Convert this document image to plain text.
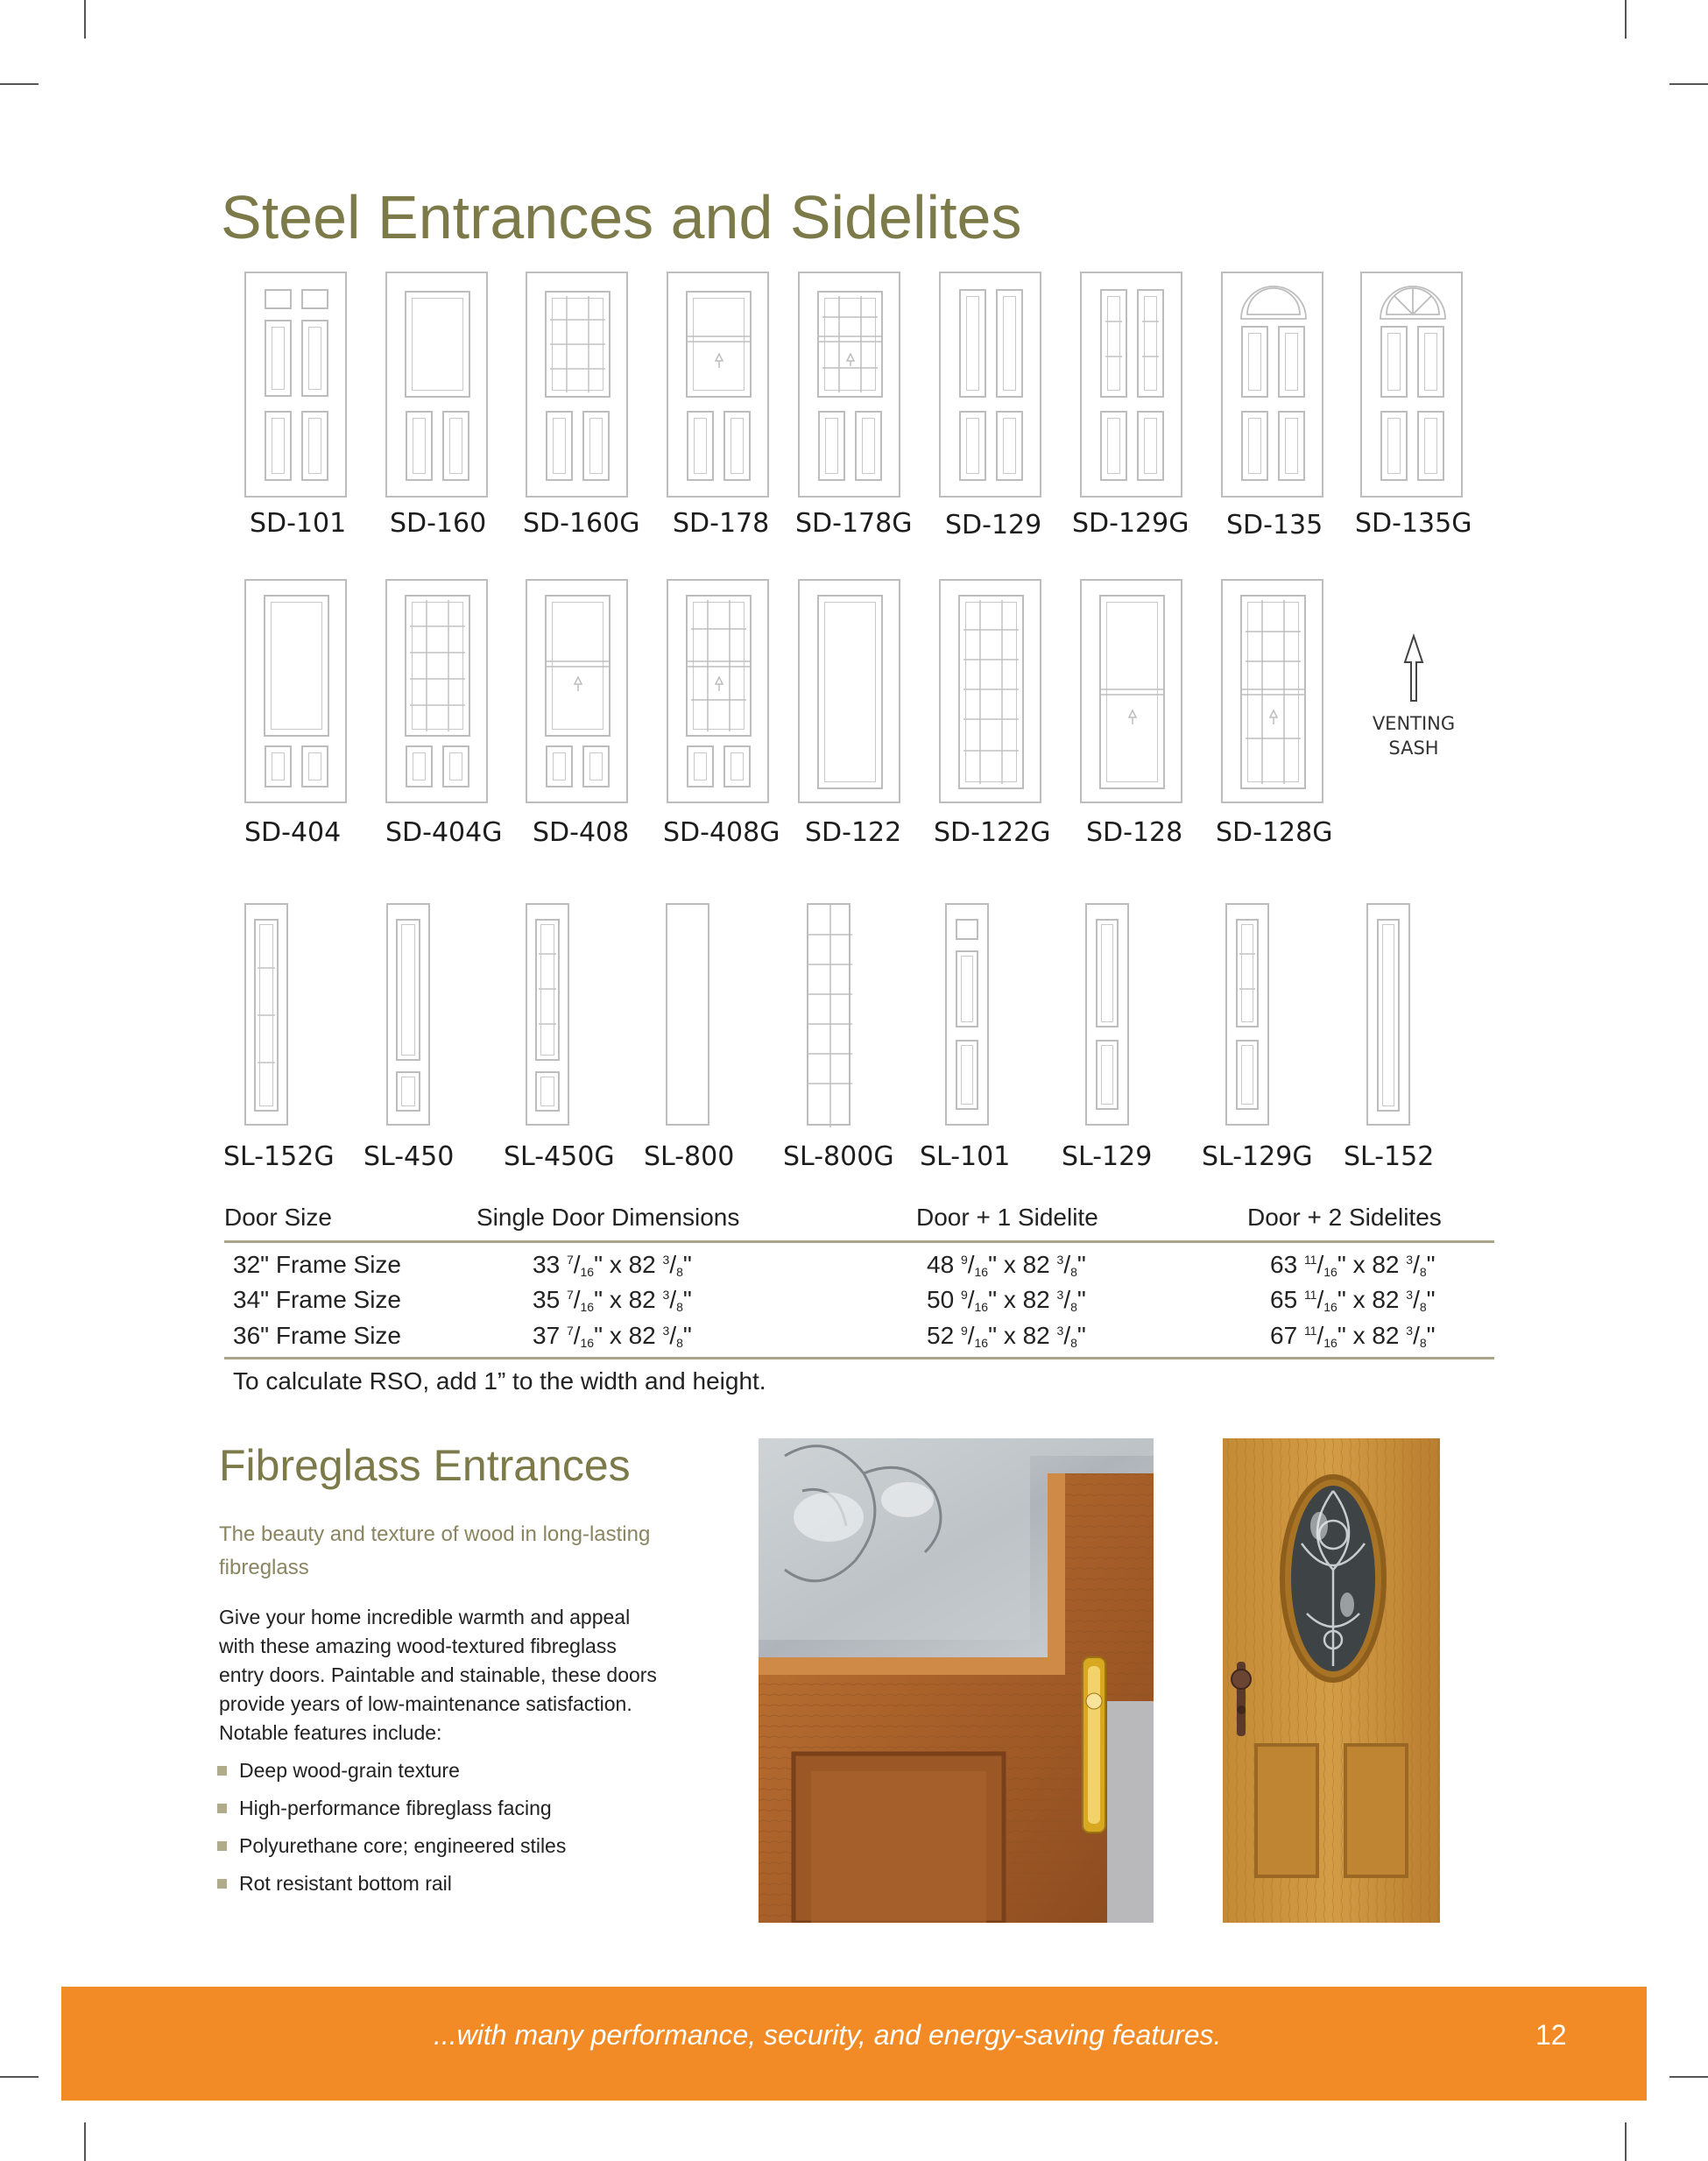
Steel Entrances and Sidelites
SD-101 SD-160 SD-160G SD-178 SD-178G SD-129 SD-129G SD-135 SD-135G
VENTING
SASH
SD-404 SD-404G SD-408 SD-408G SD-122 SD-122G SD-128 SD-128G
SL-152G SL-450 SL-450G SL-800 SL-800G SL-101 SL-129 SL-129G SL-152
Door Size	Single Door Dimensions	Door + 1 Sidelite	Door + 2 Sidelites
32" Frame Size	33 $^7$/16" x 82 $^3$/8"	48 $^9$/16" x 82 $^3$/8"	63 $^{11}$/16" x 82 $^3$/8"
34" Frame Size	35 $^7$/16" x 82 $^3$/8"	50 $^9$/16" x 82 $^3$/8"	65 $^{11}$/16" x 82 $^3$/8"
36" Frame Size	37 $^7$/16" x 82 $^3$/8"	52 $^9$/16" x 82 $^3$/8"	67 $^{11}$/16" x 82 $^3$/8"
To calculate RSO, add 1” to the width and height.
Fibreglass Entrances
The beauty and texture of wood in long-lasting
fibreglass
Give your home incredible warmth and appeal
with these amazing wood-textured fibreglass
entry doors. Paintable and stainable, these doors
provide years of low-maintenance satisfaction.
Notable features include:
Deep wood-grain texture
High-performance fibreglass facing
Polyurethane core; engineered stiles
Rot resistant bottom rail
...with many performance, security, and energy-saving features.	12
